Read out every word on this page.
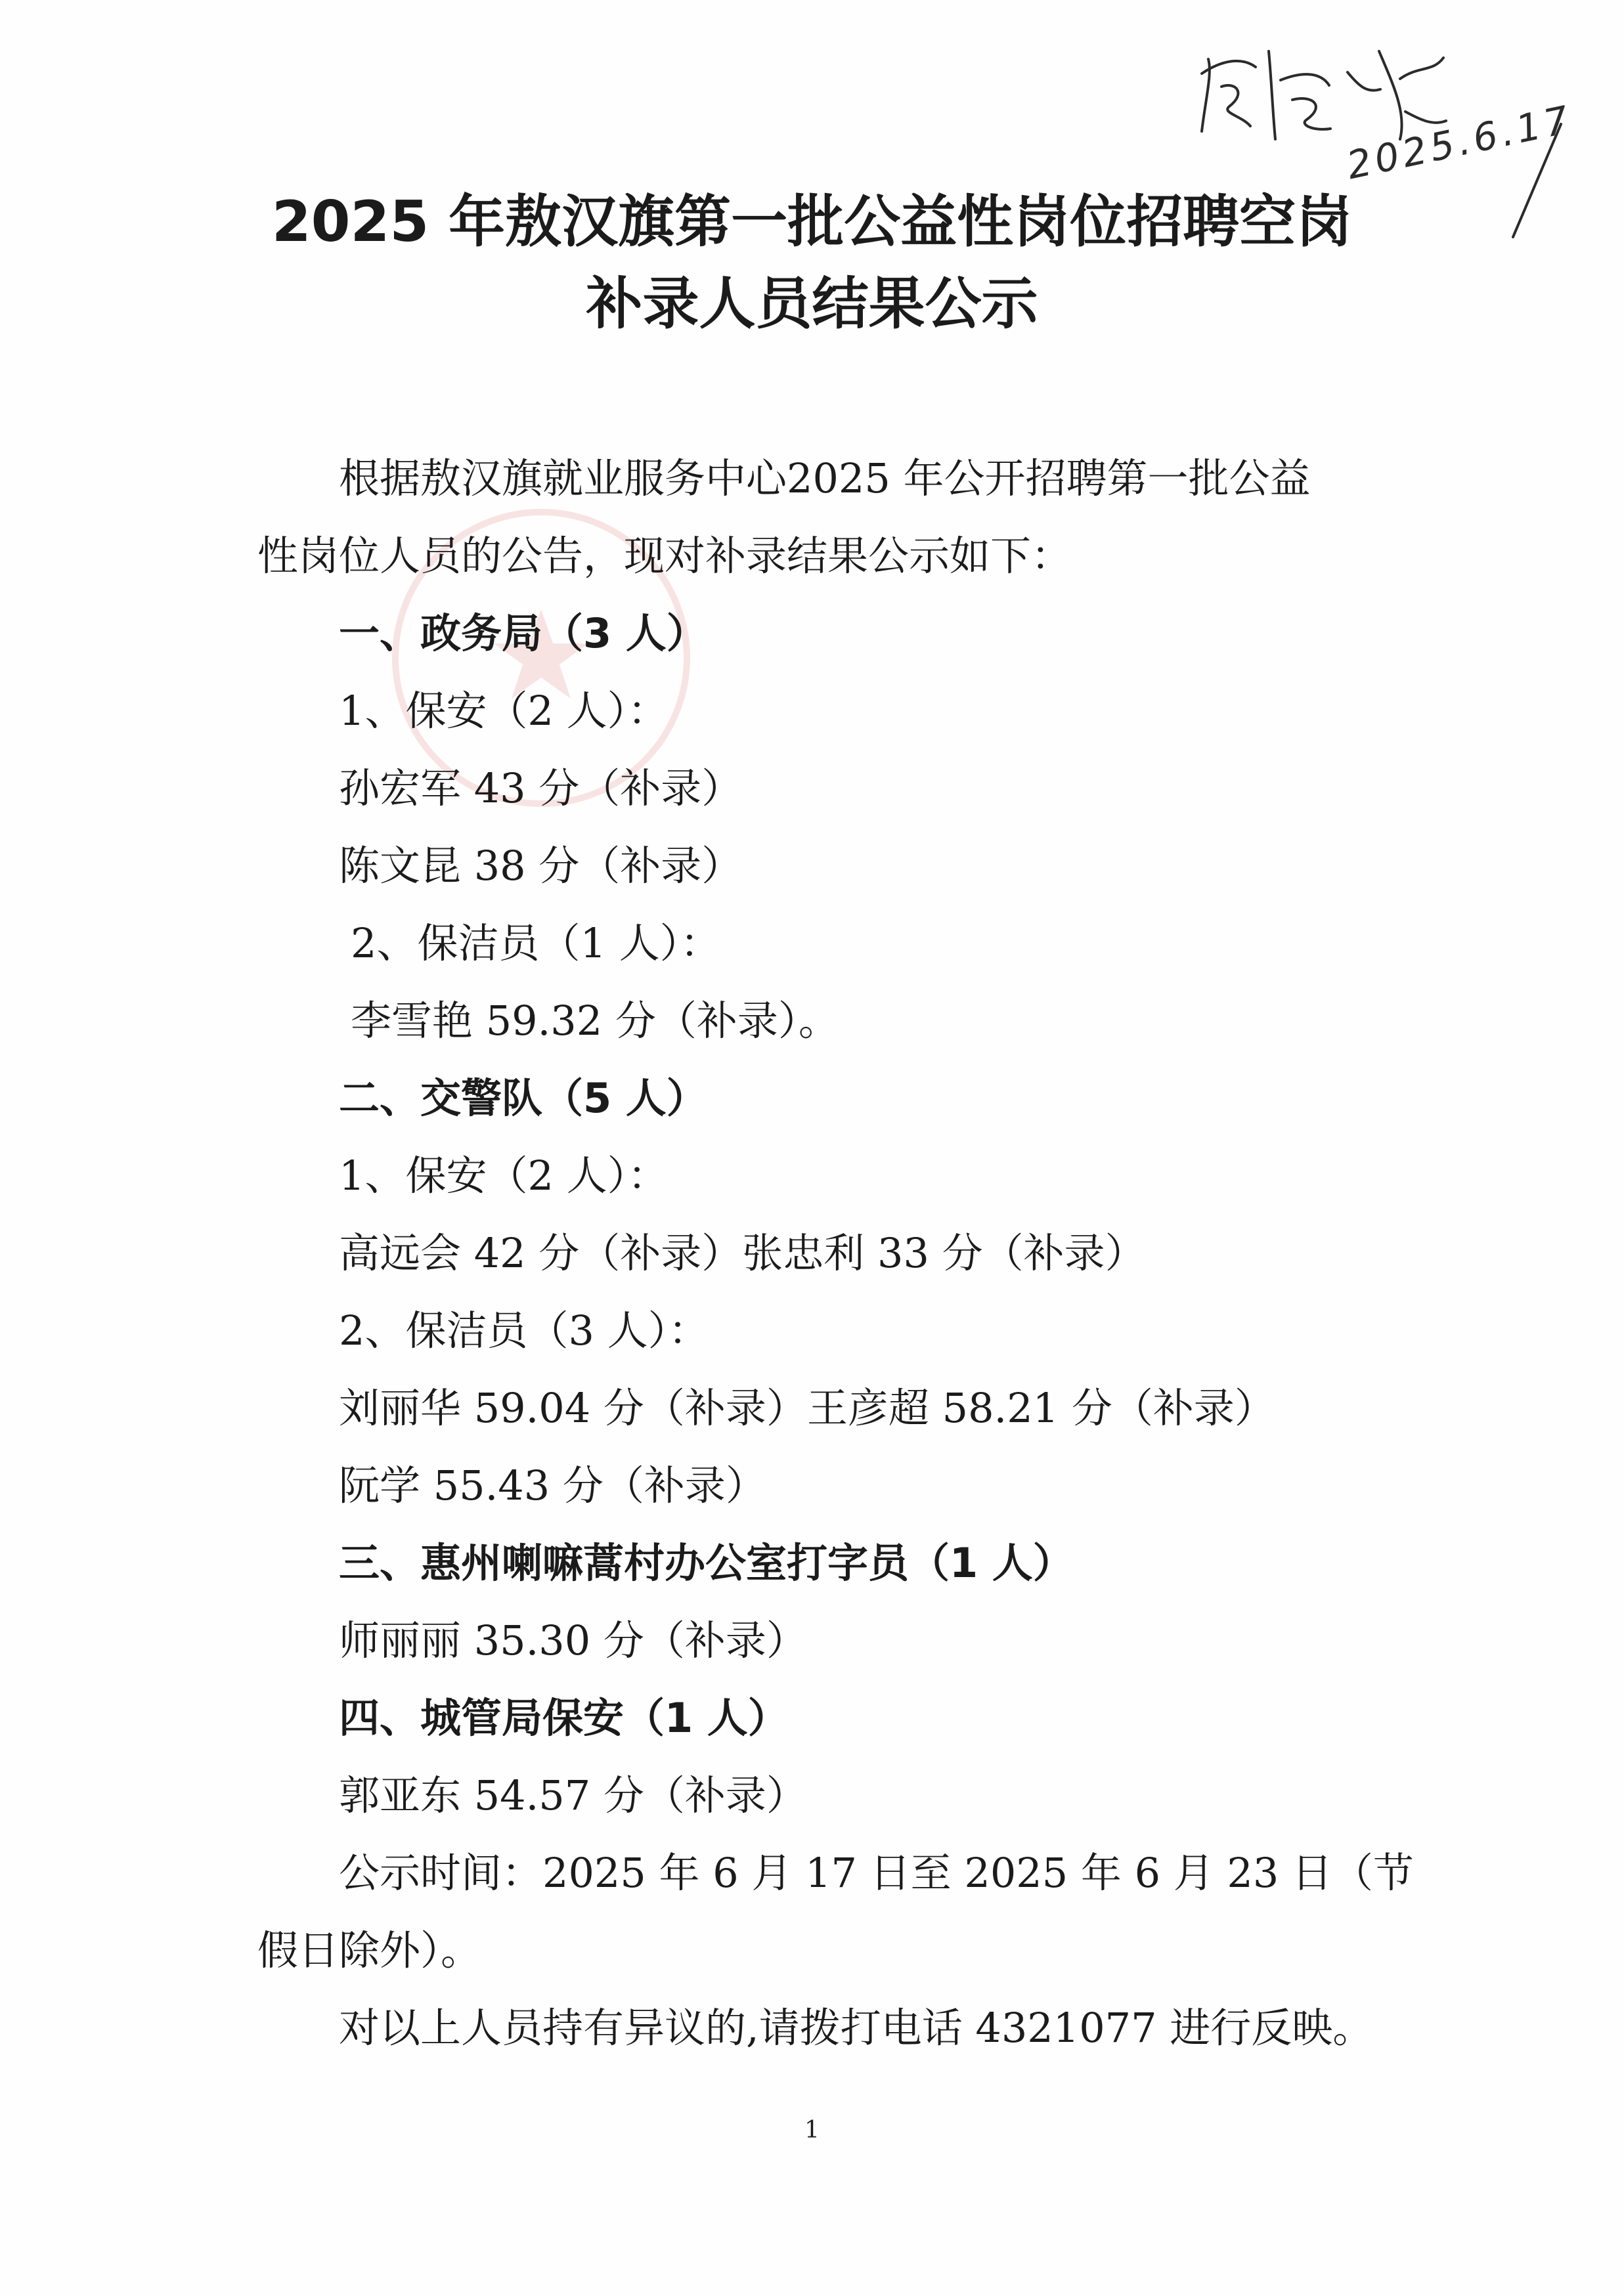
2025.6.17
2025 年敖汉旗第一批公益性岗位招聘空岗
补录人员结果公示
根据敖汉旗就业服务中心2025 年公开招聘第一批公益
性岗位人员的公告，现对补录结果公示如下：
一、政务局（3 人）
1、保安（2 人）：
孙宏军 43 分（补录）
陈文昆 38 分（补录）
2、保洁员（1 人）：
李雪艳 59.32 分（补录）。
二、交警队（5 人）
1、保安（2 人）：
高远会 42 分（补录）张忠利 33 分（补录）
2、保洁员（3 人）：
刘丽华 59.04 分（补录）王彦超 58.21 分（补录）
阮学 55.43 分（补录）
三、惠州喇嘛蒿村办公室打字员（1 人）
师丽丽 35.30 分（补录）
四、城管局保安（1 人）
郭亚东 54.57 分（补录）
公示时间：2025 年 6 月 17 日至 2025 年 6 月 23 日（节
假日除外）。
对以上人员持有异议的,请拨打电话 4321077 进行反映。
1
